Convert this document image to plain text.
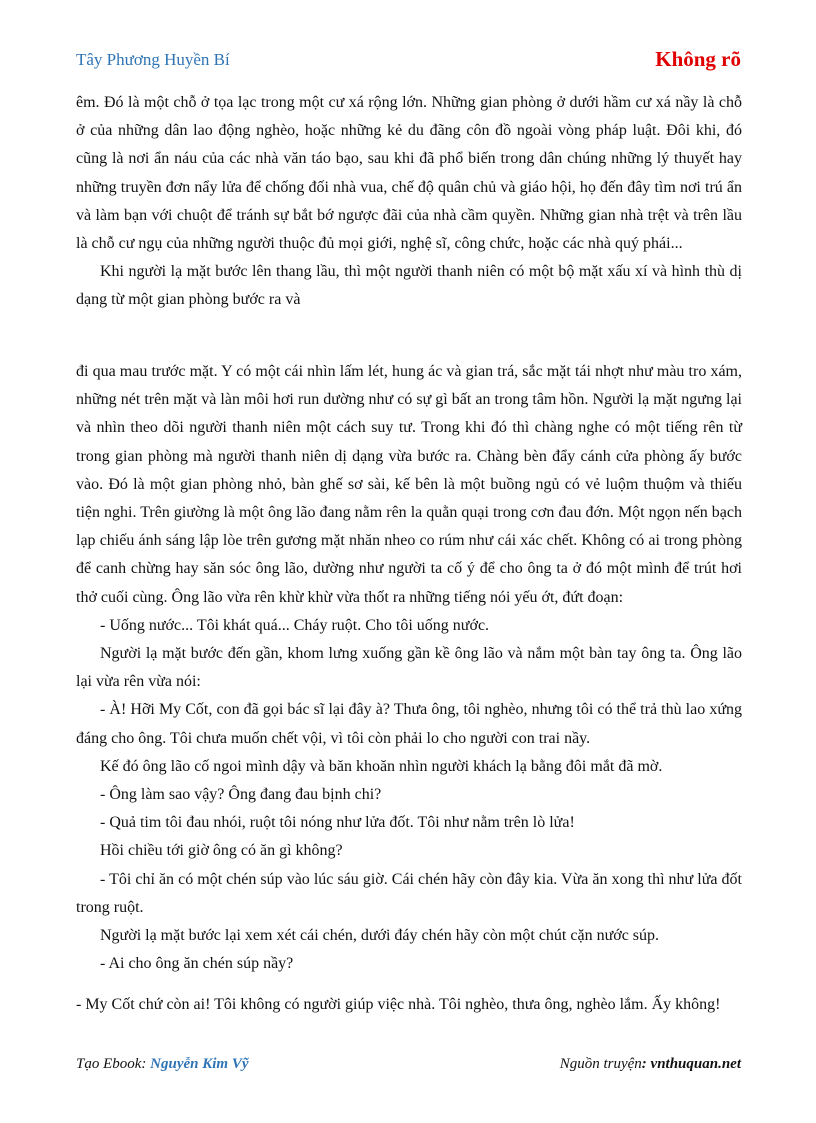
Tây Phương Huyền Bí	Không rõ

êm. Đó là một chỗ ở tọa lạc trong một cư xá rộng lớn. Những gian phòng ở dưới hầm cư xá nầy là chỗ ở của những dân lao động nghèo, hoặc những kẻ du đãng côn đồ ngoài vòng pháp luật. Đôi khi, đó cũng là nơi ẩn náu của các nhà văn táo bạo, sau khi đã phổ biến trong dân chúng những lý thuyết hay những truyền đơn nẩy lửa để chống đối nhà vua, chế độ quân chủ và giáo hội, họ đến đây tìm nơi trú ẩn và làm bạn với chuột để tránh sự bắt bớ ngược đãi của nhà cầm quyền. Những gian nhà trệt và trên lầu là chỗ cư ngụ của những người thuộc đủ mọi giới, nghệ sĩ, công chức, hoặc các nhà quý phái...

Khi người lạ mặt bước lên thang lầu, thì một người thanh niên có một bộ mặt xấu xí và hình thù dị dạng từ một gian phòng bước ra và

đi qua mau trước mặt. Y có một cái nhìn lấm lét, hung ác và gian trá, sắc mặt tái nhợt như màu tro xám, những nét trên mặt và làn môi hơi run dường như có sự gì bất an trong tâm hồn. Người lạ mặt ngưng lại và nhìn theo dõi người thanh niên một cách suy tư. Trong khi đó thì chàng nghe có một tiếng rên từ trong gian phòng mà người thanh niên dị dạng vừa bước ra. Chàng bèn đẩy cánh cửa phòng ấy bước vào. Đó là một gian phòng nhỏ, bàn ghế sơ sài, kế bên là một buồng ngủ có vẻ luộm thuộm và thiếu tiện nghi. Trên giường là một ông lão đang nằm rên la quằn quại trong cơn đau đớn. Một ngọn nến bạch lạp chiếu ánh sáng lập lòe trên gương mặt nhăn nheo co rúm như cái xác chết. Không có ai trong phòng để canh chừng hay săn sóc ông lão, dường như người ta cố ý để cho ông ta ở đó một mình để trút hơi thở cuối cùng. Ông lão vừa rên khừ khừ vừa thốt ra những tiếng nói yếu ớt, đứt đoạn:

- Uống nước... Tôi khát quá... Cháy ruột. Cho tôi uống nước.

Người lạ mặt bước đến gần, khom lưng xuống gần kề ông lão và nắm một bàn tay ông ta. Ông lão lại vừa rên vừa nói:

- À! Hỡi My Cốt, con đã gọi bác sĩ lại đây à? Thưa ông, tôi nghèo, nhưng tôi có thể trả thù lao xứng đáng cho ông. Tôi chưa muốn chết vội, vì tôi còn phải lo cho người con trai nầy.

Kế đó ông lão cố ngoi mình dậy và băn khoăn nhìn người khách lạ bằng đôi mắt đã mờ.

- Ông làm sao vậy? Ông đang đau bịnh chi?

- Quả tim tôi đau nhói, ruột tôi nóng như lửa đốt. Tôi như nằm trên lò lửa!

Hồi chiều tới giờ ông có ăn gì không?

- Tôi chỉ ăn có một chén súp vào lúc sáu giờ. Cái chén hãy còn đây kia. Vừa ăn xong thì như lửa đốt trong ruột.

Người lạ mặt bước lại xem xét cái chén, dưới đáy chén hãy còn một chút cặn nước súp.

- Ai cho ông ăn chén súp nầy?

- My Cốt chứ còn ai! Tôi không có người giúp việc nhà. Tôi nghèo, thưa ông, nghèo lắm. Ấy không!
Tạo Ebook: Nguyễn Kim Vỹ	Nguồn truyện: vnthuquan.net
